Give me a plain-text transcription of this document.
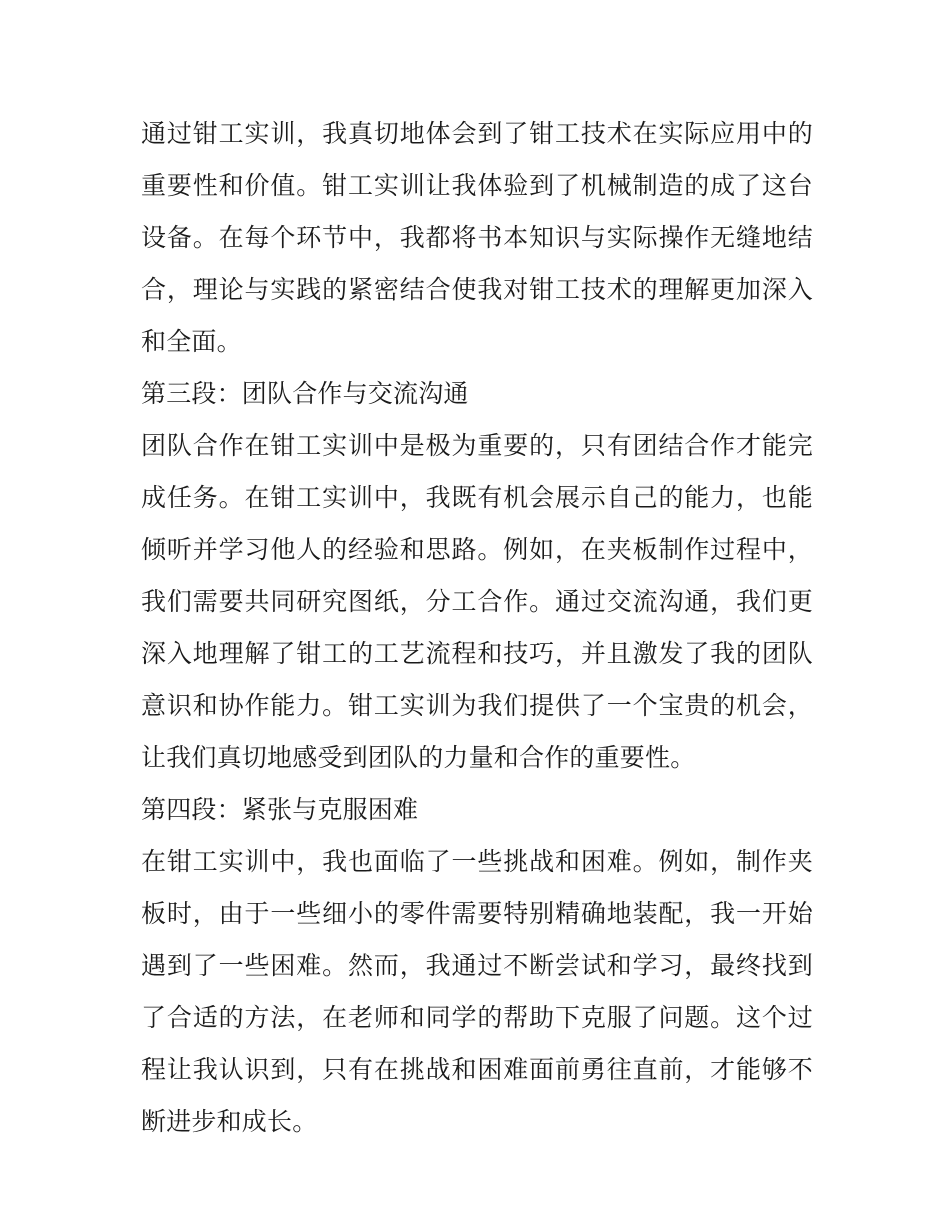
通过钳工实训，我真切地体会到了钳工技术在实际应用中的重要性和价值。钳工实训让我体验到了机械制造的成了这台设备。在每个环节中，我都将书本知识与实际操作无缝地结合，理论与实践的紧密结合使我对钳工技术的理解更加深入和全面。

第三段：团队合作与交流沟通

团队合作在钳工实训中是极为重要的，只有团结合作才能完成任务。在钳工实训中，我既有机会展示自己的能力，也能倾听并学习他人的经验和思路。例如，在夹板制作过程中，我们需要共同研究图纸，分工合作。通过交流沟通，我们更深入地理解了钳工的工艺流程和技巧，并且激发了我的团队意识和协作能力。钳工实训为我们提供了一个宝贵的机会，让我们真切地感受到团队的力量和合作的重要性。

第四段：紧张与克服困难

在钳工实训中，我也面临了一些挑战和困难。例如，制作夹板时，由于一些细小的零件需要特别精确地装配，我一开始遇到了一些困难。然而，我通过不断尝试和学习，最终找到了合适的方法，在老师和同学的帮助下克服了问题。这个过程让我认识到，只有在挑战和困难面前勇往直前，才能够不断进步和成长。
